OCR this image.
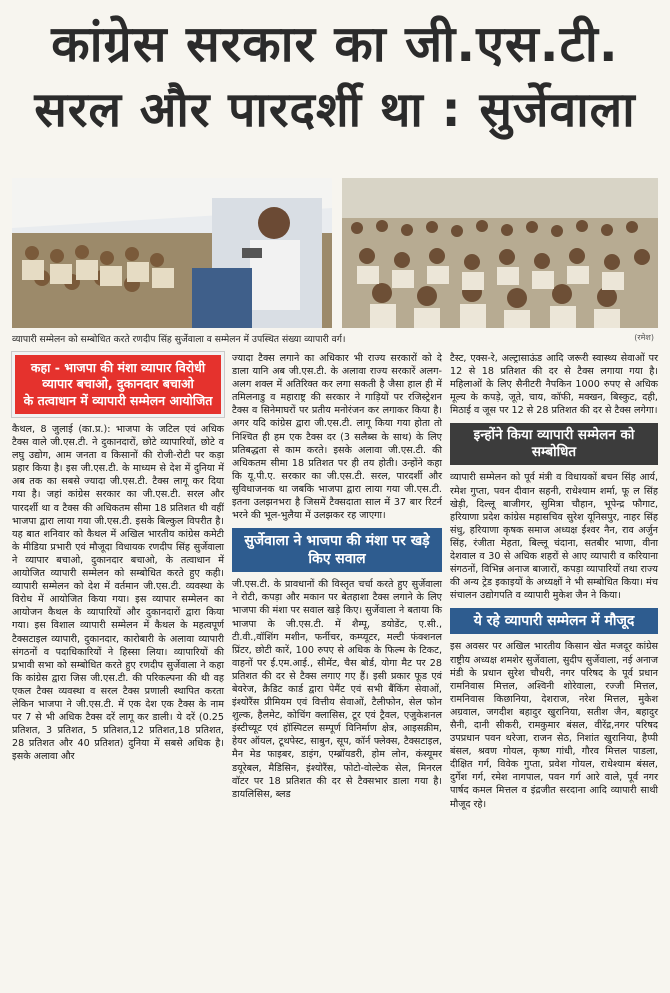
कांग्रेस सरकार का जी.एस.टी.
सरल और पारदर्शी था : सुर्जेवाला
व्यापारी सम्मेलन को सम्बोधित करते रणदीप सिंह सुर्जेवाला व सम्मेलन में उपस्थित संख्या व्यापारी वर्ग।	(रमेश)
कहा - भाजपा की मंशा व्यापार विरोधी
व्यापार बचाओ, दुकानदार बचाओ
के तत्वाधान में व्यापारी सम्मेलन आयोजित

कैथल, 8 जुलाई (का.प्र.): भाजपा के जटिल एवं अधिक टैक्स वाले जी.एस.टी. ने दुकानदारों, छोटे व्यापारियों, छोटे व लघु उद्योग, आम जनता व किसानों की रोजी-रोटी पर कड़ा प्रहार किया है। इस जी.एस.टी. के माध्यम से देश में दुनिया में अब तक का सबसे ज्यादा जी.एस.टी. टैक्स लागू कर दिया गया है। जहां कांग्रेस सरकार का जी.एस.टी. सरल और पारदर्शी था व टैक्स की अधिकतम सीमा 18 प्रतिशत थी वहीं भाजपा द्वारा लाया गया जी.एस.टी. इसके बिल्कुल विपरीत है। यह बात शनिवार को कैथल में अखिल भारतीय कांग्रेस कमेटी के मीडिया प्रभारी एवं मौजूदा विधायक रणदीप सिंह सुर्जेवाला ने व्यापार बचाओ, दुकानदार बचाओ, के तत्वाधान में आयोजित व्यापारी सम्मेलन को सम्बोधित करते हुए कही। व्यापारी सम्मेलन को देश में वर्तमान जी.एस.टी. व्यवस्था के विरोध में आयोजित किया गया। इस व्यापार सम्मेलन का आयोजन कैथल के व्यापारियों और दुकानदारों द्वारा किया गया। इस विशाल व्यापारी सम्मेलन में कैथल के महत्वपूर्ण टैक्सटाइल व्यापारी, दुकानदार, कारोबारी के अलावा व्यापारी संगठनों व पदाधिकारियों ने हिस्सा लिया। व्यापारियों की प्रभावी सभा को सम्बोधित करते हुए रणदीप सुर्जेवाला ने कहा कि कांग्रेस द्वारा जिस जी.एस.टी. की परिकल्पना की थी वह एकल टैक्स व्यवस्था व सरल टैक्स प्रणाली स्थापित करता लेकिन भाजपा ने जी.एस.टी. में एक देश एक टैक्स के नाम पर 7 से भी अधिक टैक्स दरें लागू कर डाली। ये दरें (0.25 प्रतिशत, 3 प्रतिशत, 5 प्रतिशत,12 प्रतिशत,18 प्रतिशत, 28 प्रतिशत और 40 प्रतिशत) दुनिया में सबसे अधिक है। इसके अलावा और

ज्यादा टैक्स लगाने का अधिकार भी राज्य सरकारों को दे डाला यानि अब जी.एस.टी. के अलावा राज्य सरकारें अलग-अलग शक्ल में अतिरिक्त कर लगा सकती है जैसा हाल ही में तमिलनाडु व महाराष्ट्र की सरकार ने गाड़ियों पर रजिस्ट्रेशन टैक्स व सिनेमाघरों पर प्रतीय मनोरंजन कर लगाकर किया है। अगर यदि कांग्रेस द्वारा जी.एस.टी. लागू किया गया होता तो निश्चित ही हम एक टैक्स दर (3 सलैब्स के साथ) के लिए प्रतिबद्धता से काम करते। इसके अलावा जी.एस.टी. की अधिकतम सीमा 18 प्रतिशत पर ही तय होती। उन्होंने कहा कि यू.पी.ए. सरकार का जी.एस.टी. सरल, पारदर्शी और सुविधाजनक था जबकि भाजपा द्वारा लाया गया जी.एस.टी. इतना उलझनभरा है जिसमें टैक्सदाता साल में 37 बार रिटर्न भरने की भूल-भुलैया में उलझकर रह जाएगा।

सुर्जेवाला ने भाजपा की मंशा पर खड़े किए सवाल

जी.एस.टी. के प्रावधानों की विस्तृत चर्चा करते हुए सुर्जेवाला ने रोटी, कपड़ा और मकान पर बेतहाशा टैक्स लगाने के लिए भाजपा की मंशा पर सवाल खड़े किए। सुर्जेवाला ने बताया कि भाजपा के जी.एस.टी. में शैम्पू, डयोडेंट, ए.सी., टी.वी.,वॉशिंग मशीन, फर्नीचर, कम्प्यूटर, मल्टी फंक्शनल प्रिंटर, छोटी कारें, 100 रुपए से अधिक के फिल्म के टिकट, वाहनों पर ई.एम.आई., सीमेंट, चैस बोर्ड, योगा मैट पर 28 प्रतिशत की दर से टैक्स लगाए गए हैं। इसी प्रकार फूड एवं बेवरेज, क्रैडिट कार्ड द्वारा पेमैंट एवं सभी बैंकिंग सेवाओं, इंश्योरैंस प्रीमियम एवं वित्तीय सेवाओं, टैलीफोन, सेल फोन शुल्क, हैलमेट, कोचिंग क्लासिस, टूर एवं ट्रैवल, एजुकेशनल इंस्टीच्यूट एवं हॉस्पिटल सम्पूर्ण विनिर्माण क्षेत्र, आइसक्रीम, हेयर ऑयल, टूथपेस्ट, साबुन, सूप, कॉर्न फ्लेक्स, टैक्सटाइल, मैन मेड फाइबर, डाइंग, एम्ब्रॉयडरी, होम लोन, कंस्यूमर डयूरेबल, मैडिसिन, इंश्योरैंस, फोटो-वोल्टेक सेल, मिनरल वॉटर पर 18 प्रतिशत की दर से टैक्सभार डाला गया है। डायलिसिस, ब्लड

टैस्ट, एक्स-रे, अल्ट्रासाऊंड आदि जरूरी स्वास्थ्य सेवाओं पर 12 से 18 प्रतिशत की दर से टैक्स लगाया गया है। महिलाओं के लिए सैनीटरी नैपकिन 1000 रुपए से अधिक मूल्य के कपड़े, जूते, चाय, कॉफी, मक्खन, बिस्कुट, दही, मिठाई व जूस पर 12 से 28 प्रतिशत की दर से टैक्स लगेगा।

इन्होंने किया व्यापारी सम्मेलन को सम्बोधित

व्यापारी सम्मेलन को पूर्व मंत्री व विधायकों बचन सिंह आर्य, रमेश गुप्ता, पवन दीवान सहनी, राधेश्याम शर्मा, फू ल सिंह खेड़ी, दिल्लू बाजीगर, सुमित्रा चौहान, भूपेन्द्र फौगाट, हरियाणा प्रदेश कांग्रेस महासचिव सुरेश यूनिसपुर, नाहर सिंह संधु, हरियाणा कृषक समाज अध्यक्ष ईश्वर नैन, राव अर्जुन सिंह, रंजीता मेहता, बिल्लू चंदाना, सतबीर भाणा, वीना देशवाल व 30 से अधिक शहरों से आए व्यापारी व करियाना संगठनों, विभिन्न अनाज बाजारों, कपड़ा व्यापारियों तथा राज्य की अन्य ट्रेड इकाइयों के अध्यक्षों ने भी सम्बोधित किया। मंच संचालन उद्योगपति व व्यापारी मुकेश जैन ने किया।

ये रहे व्यापारी सम्मेलन में मौजूद

इस अवसर पर अखिल भारतीय किसान खेत मजदूर कांग्रेस राष्ट्रीय अध्यक्ष शमशेर सुर्जेवाला, सुदीप सुर्जेवाला, नई अनाज मंडी के प्रधान सुरेश चौधरी, नगर परिषद के पूर्व प्रधान रामनिवास मित्तल, अश्विनी शोरेवाला, रज्जी मित्तल, रामनिवास किछानिया, देशराज, नरेश मित्तल, मुकेश अग्रवाल, जगदीश बहादुर खुरानिया, सतीश जैन, बहादुर सैनी, दानी सीकरी, रामकुमार बंसल, वीरेंद्र,नगर परिषद उपप्रधान पवन थरेजा, राजन सेठ, निशांत खुरानिया, हैप्पी बंसल, श्रवण गोयल, कृष्ण गांधी, गौरव मित्तल पाडला, दीक्षित गर्ग, विवेक गुप्ता, प्रवेश गोयल, राधेश्याम बंसल, दुर्गेश गर्ग, रमेश नागपाल, पवन गर्ग आरे वाले, पूर्व नगर पार्षद कमल मित्तल व इंद्रजीत सरदाना आदि व्यापारी साथी मौजूद रहे।
